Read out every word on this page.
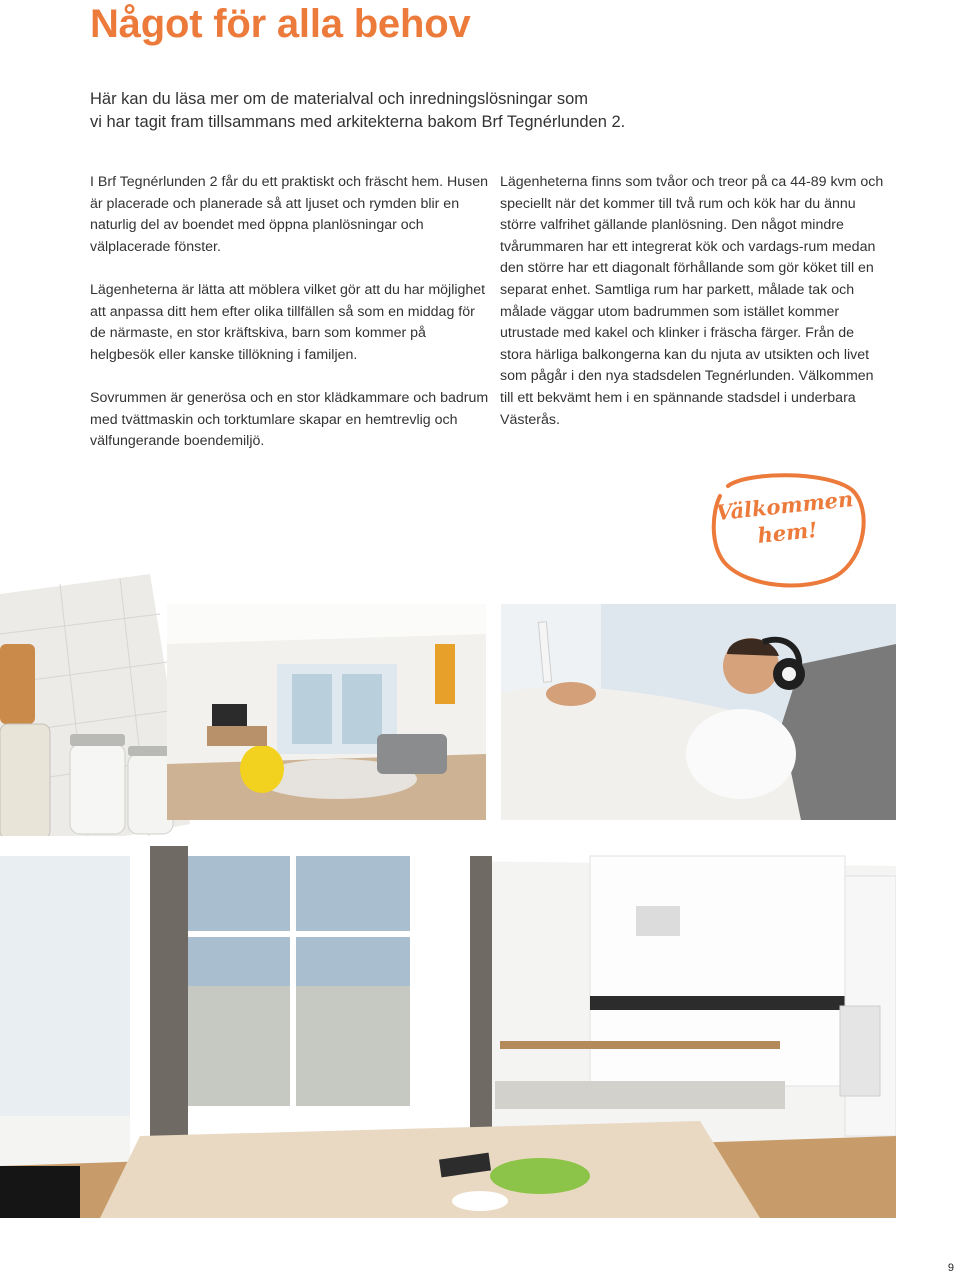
Något för alla behov
Här kan du läsa mer om de materialval och inredningslösningar som
vi har tagit fram tillsammans med arkitekterna bakom Brf Tegnérlunden 2.

I Brf Tegnérlunden 2 får du ett praktiskt och fräscht hem. Husen är placerade och planerade så att ljuset och rymden blir en naturlig del av boendet med öppna planlösningar och välplacerade fönster.

Lägenheterna är lätta att möblera vilket gör att du har möjlighet att anpassa ditt hem efter olika tillfällen så som en middag för de närmaste, en stor kräftskiva, barn som kommer på helgbesök eller kanske tillökning i familjen.

Sovrummen är generösa och en stor klädkammare och badrum med tvättmaskin och torktumlare skapar en hemtrevlig och välfungerande boendemiljö.

Lägenheterna finns som tvåor och treor på ca 44-89 kvm och speciellt när det kommer till två rum och kök har du ännu större valfrihet gällande planlösning. Den något mindre tvårummaren har ett integrerat kök och vardags-rum medan den större har ett diagonalt förhållande som gör köket till en separat enhet. Samtliga rum har parkett, målade tak och målade väggar utom badrummen som istället kommer utrustade med kakel och klinker i fräscha färger. Från de stora härliga balkongerna kan du njuta av utsikten och livet som pågår i den nya stadsdelen Tegnérlunden. Välkommen till ett bekvämt hem i en spännande stadsdel i underbara Västerås.

Välkommen
hem!
9
